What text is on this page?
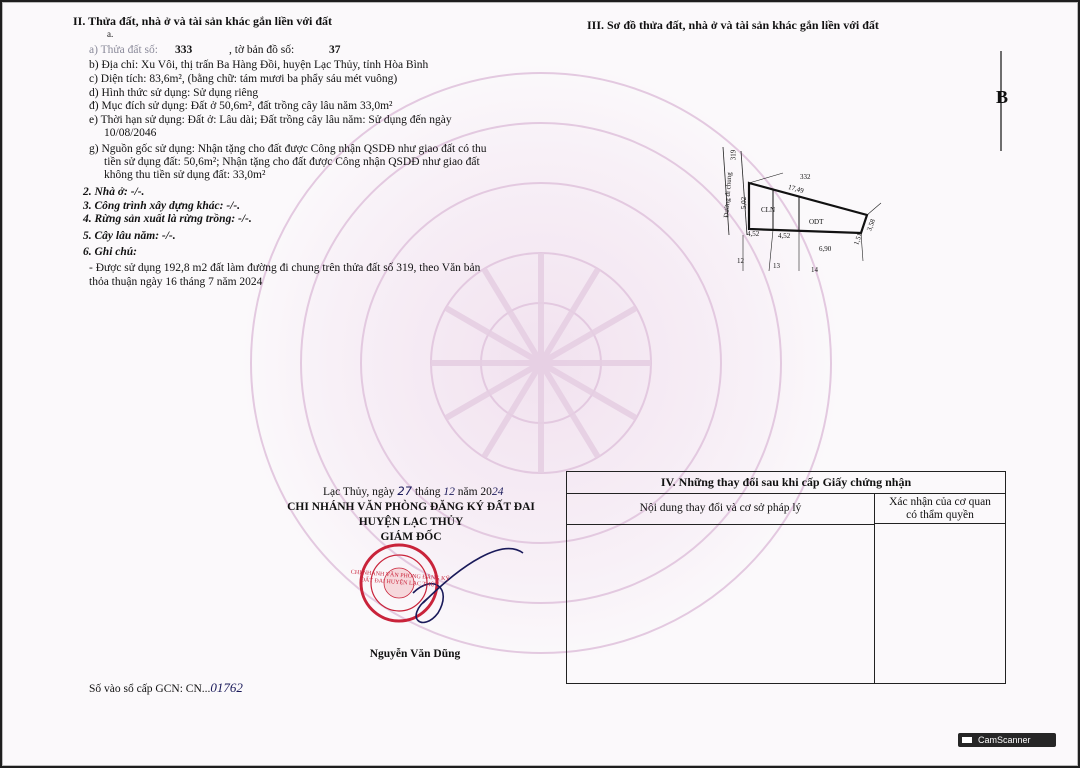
II. Thửa đất, nhà ở và tài sản khác gắn liền với đất
a.
a) Thửa đất số: 333	, tờ bản đồ số:	37
b) Địa chỉ: Xu Vôi, thị trấn Ba Hàng Đồi, huyện Lạc Thủy, tỉnh Hòa Bình
c) Diện tích: 83,6m², (bằng chữ: tám mươi ba phẩy sáu mét vuông)
d) Hình thức sử dụng: Sử dụng riêng
đ) Mục đích sử dụng: Đất ở 50,6m², đất trồng cây lâu năm 33,0m²
e) Thời hạn sử dụng: Đất ở: Lâu dài; Đất trồng cây lâu năm: Sử dụng đến ngày
10/08/2046
g) Nguồn gốc sử dụng: Nhận tặng cho đất được Công nhận QSDĐ như giao đất có thu
tiền sử dụng đất: 50,6m²; Nhận tặng cho đất được Công nhận QSDĐ như giao đất
không thu tiền sử dụng đất: 33,0m²
2. Nhà ở: -/-.
3. Công trình xây dựng khác: -/-.
4. Rừng sản xuất là rừng trồng: -/-.
5. Cây lâu năm: -/-.
6. Ghi chú:
- Được sử dụng 192,8 m2 đất làm đường đi chung trên thửa đất số 319, theo Văn bản
thỏa thuận ngày 16 tháng 7 năm 2024
III. Sơ đồ thửa đất, nhà ở và tài sản khác gắn liền với đất
B
319
332
17,49
5,02
Đường đi chung	CLN
ODT
4,52	4,52
6,90
1,51
3,58
12
13	14
Lạc Thủy, ngày 27 tháng 12 năm 2024
CHI NHÁNH VĂN PHÒNG ĐĂNG KÝ ĐẤT ĐAI
HUYỆN LẠC THỦY
GIÁM ĐỐC
CHI NHÁNH VĂN PHÒNG ĐĂNG KÝ ĐẤT ĐAI HUYỆN LẠC THỦY
Nguyễn Văn Dũng
Số vào sổ cấp GCN: CN...01762
IV. Những thay đổi sau khi cấp Giấy chứng nhận
Nội dung thay đổi và cơ sở pháp lý	Xác nhận của cơ quan
có thẩm quyền
CamScanner
